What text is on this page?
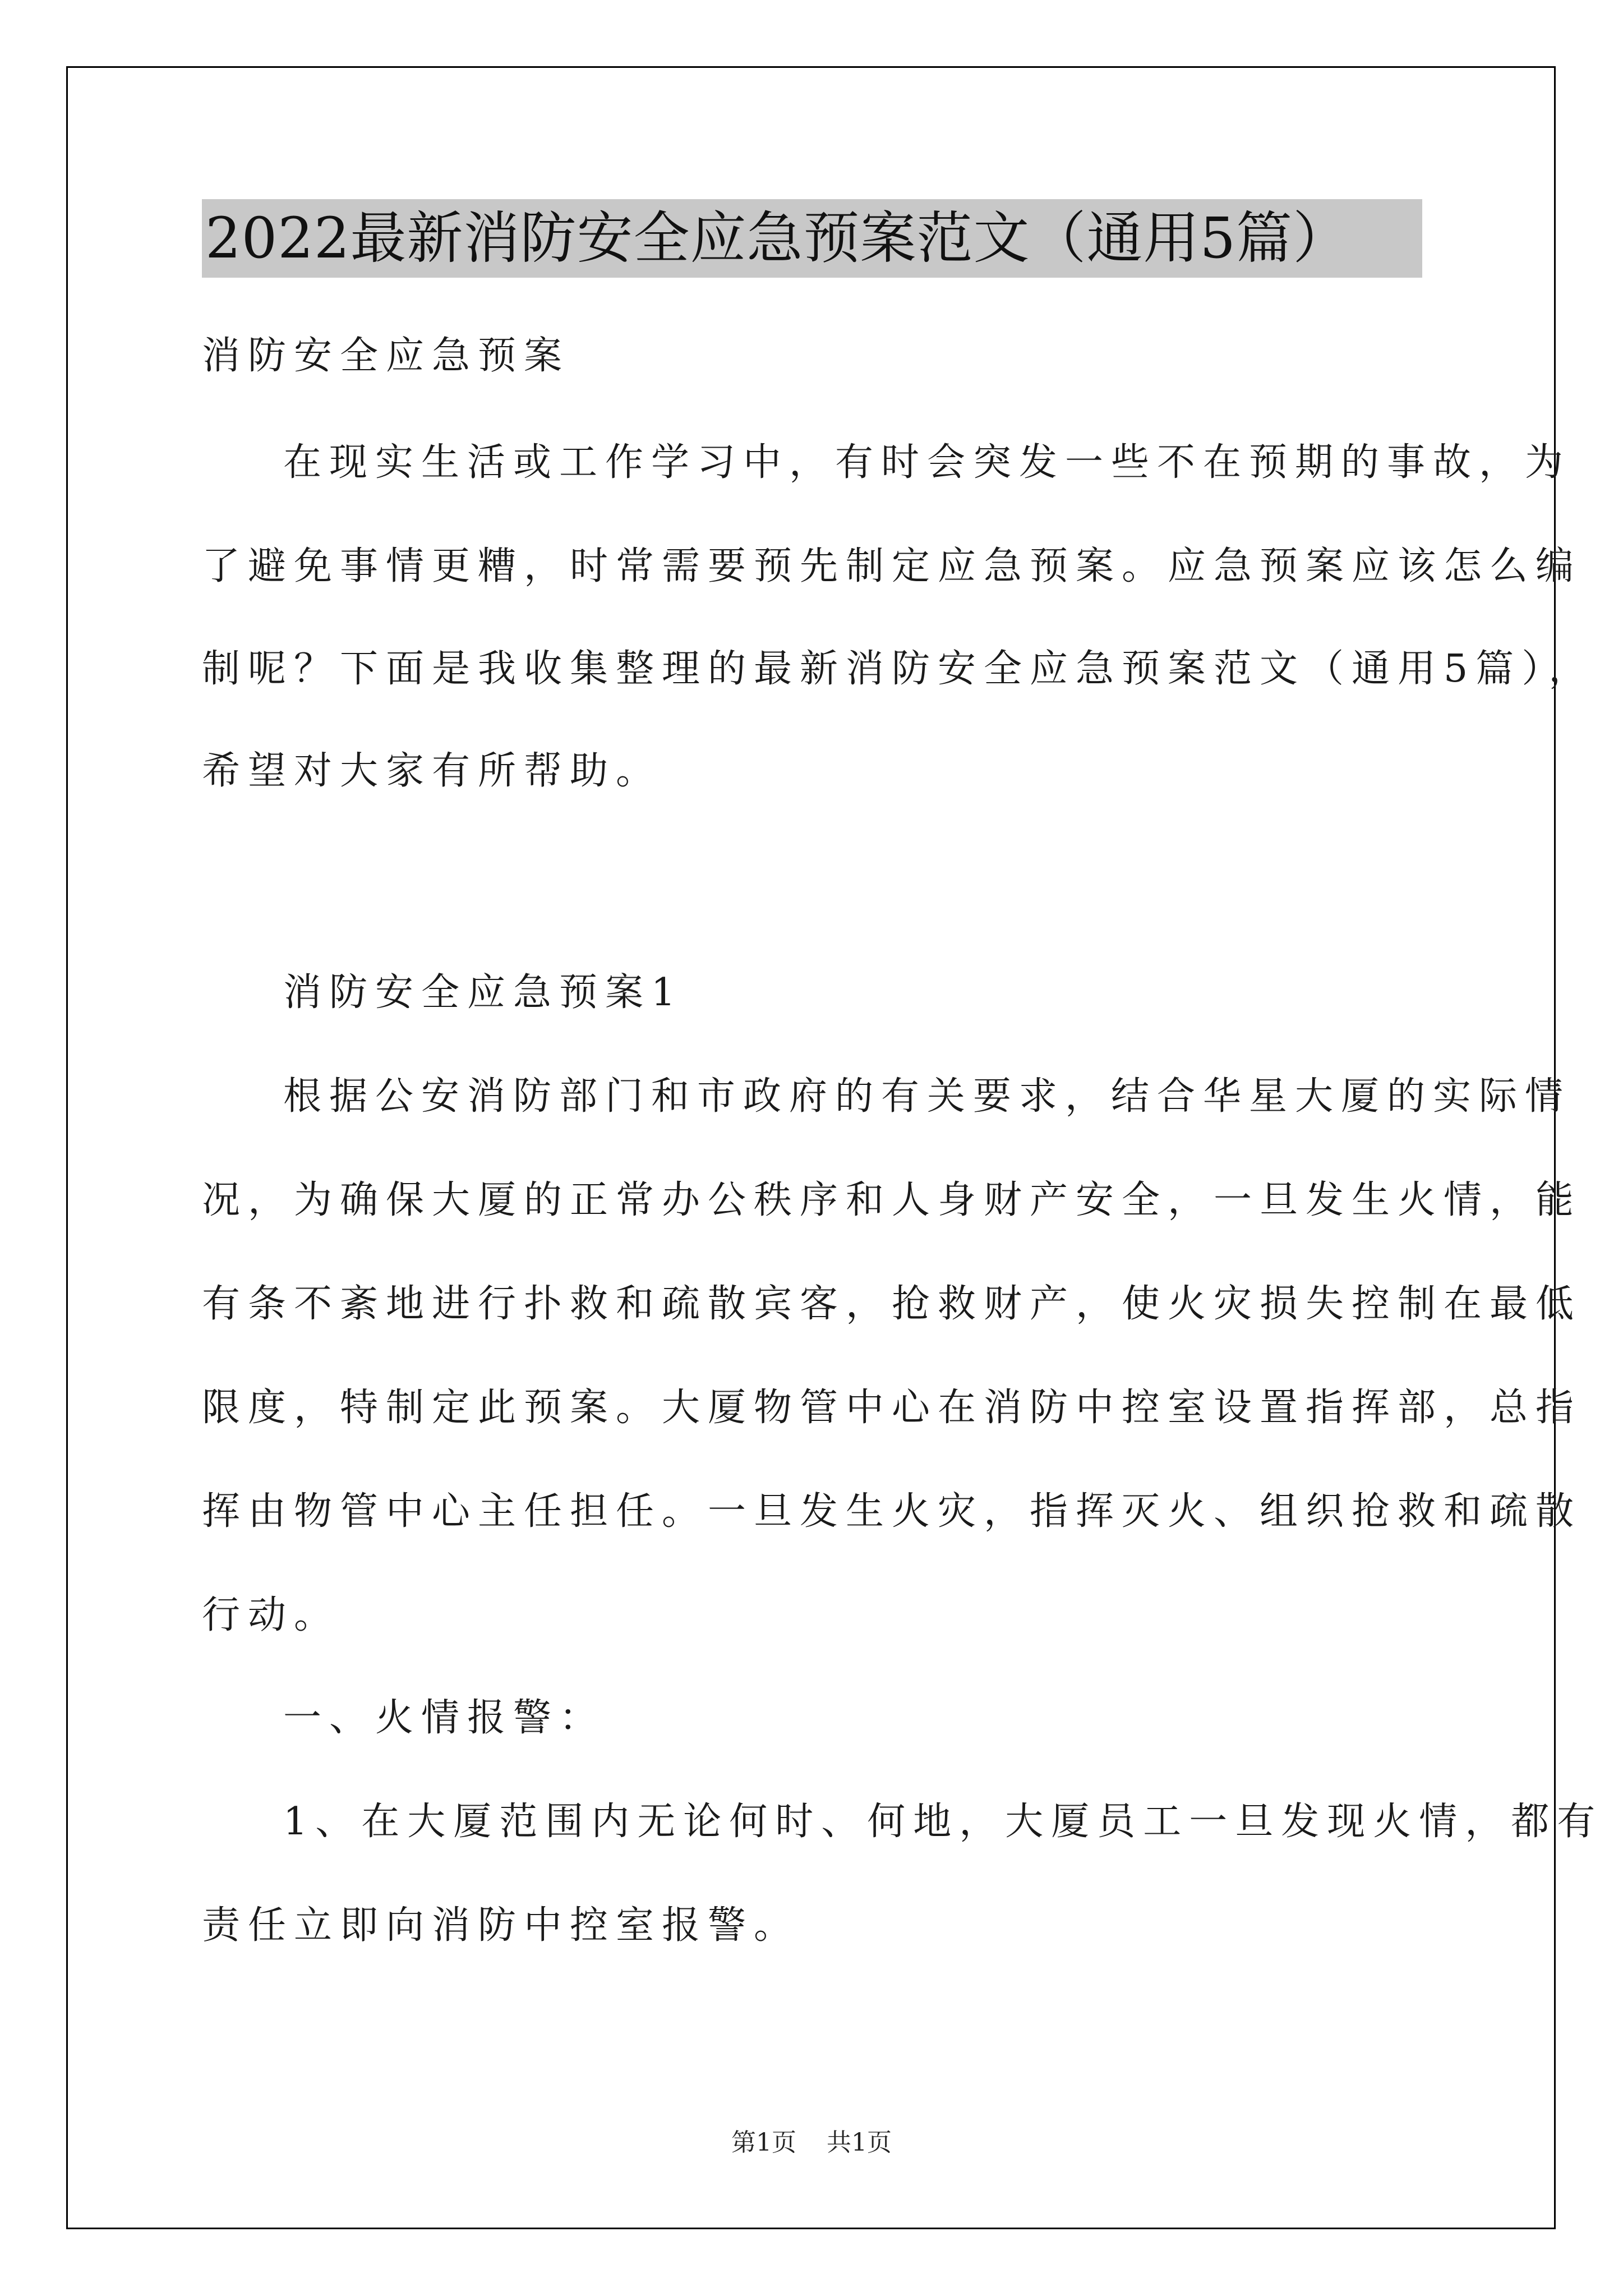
2022最新消防安全应急预案范文（通用5篇）
消防安全应急预案
在现实生活或工作学习中，有时会突发一些不在预期的事故，为
了避免事情更糟，时常需要预先制定应急预案。应急预案应该怎么编
制呢？下面是我收集整理的最新消防安全应急预案范文（通用5篇），
希望对大家有所帮助。
消防安全应急预案1
根据公安消防部门和市政府的有关要求，结合华星大厦的实际情
况，为确保大厦的正常办公秩序和人身财产安全，一旦发生火情，能
有条不紊地进行扑救和疏散宾客，抢救财产，使火灾损失控制在最低
限度，特制定此预案。大厦物管中心在消防中控室设置指挥部，总指
挥由物管中心主任担任。一旦发生火灾，指挥灭火、组织抢救和疏散
行动。
一、火情报警：
1、在大厦范围内无论何时、何地，大厦员工一旦发现火情，都有
责任立即向消防中控室报警。
第1页 共1页
